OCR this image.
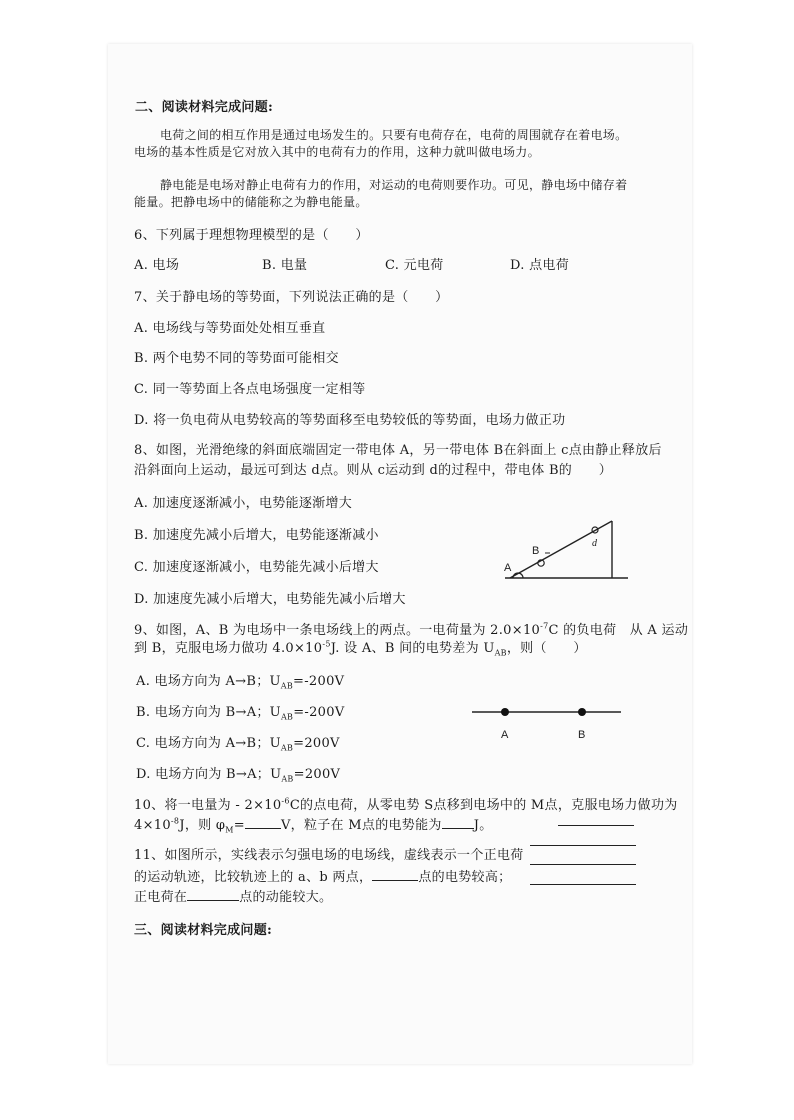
二、阅读材料完成问题:
电荷之间的相互作用是通过电场发生的。只要有电荷存在，电荷的周围就存在着电场。
电场的基本性质是它对放入其中的电荷有力的作用，这种力就叫做电场力。
静电能是电场对静止电荷有力的作用，对运动的电荷则要作功。可见，静电场中储存着
能量。把静电场中的储能称之为静电能量。
6、下列属于理想物理模型的是（　　）
A. 电场	B. 电量	C. 元电荷	D. 点电荷
7、关于静电场的等势面，下列说法正确的是（　　）
A. 电场线与等势面处处相互垂直
B. 两个电势不同的等势面可能相交
C. 同一等势面上各点电场强度一定相等
D. 将一负电荷从电势较高的等势面移至电势较低的等势面，电场力做正功
8、如图，光滑绝缘的斜面底端固定一带电体 A，另一带电体 B在斜面上 c点由静止释放后
沿斜面向上运动，最远可到达 d点。则从 c运动到 d的过程中，带电体 B的　　）
A. 加速度逐渐减小，电势能逐渐增大
B. 加速度先减小后增大，电势能逐渐减小
C. 加速度逐渐减小，电势能先减小后增大
D. 加速度先减小后增大，电势能先减小后增大
A
B
d
9、如图，A、B 为电场中一条电场线上的两点。一电荷量为 $2.0\times 10^{-7}C$ 的负电荷　从 A 运动
到 B，克服电场力做功 $4.0\times 10^{-5}J$. 设 A、B 间的电势差为 $U_{AB}$，则（　　）
A. 电场方向为 A→B；$U_{AB}=-200V$
B. 电场方向为 B→A；$U_{AB}=-200V$
C. 电场方向为 A→B；$U_{AB}=200V$
D. 电场方向为 B→A；$U_{AB}=200V$
A	B
10、将一电量为 - $2\times 10^{-6}C$的点电荷，从零电势 S点移到电场中的 M点，克服电场力做功为
$4\times 10^{-8}J$，则 $\varphi_M=$	V，粒子在 M点的电势能为 J。
11、如图所示，实线表示匀强电场的电场线，虚线表示一个正电荷
的运动轨迹，比较轨迹上的 a、b 两点，	点的电势较高；
正电荷在	点的动能较大。
三、阅读材料完成问题:
